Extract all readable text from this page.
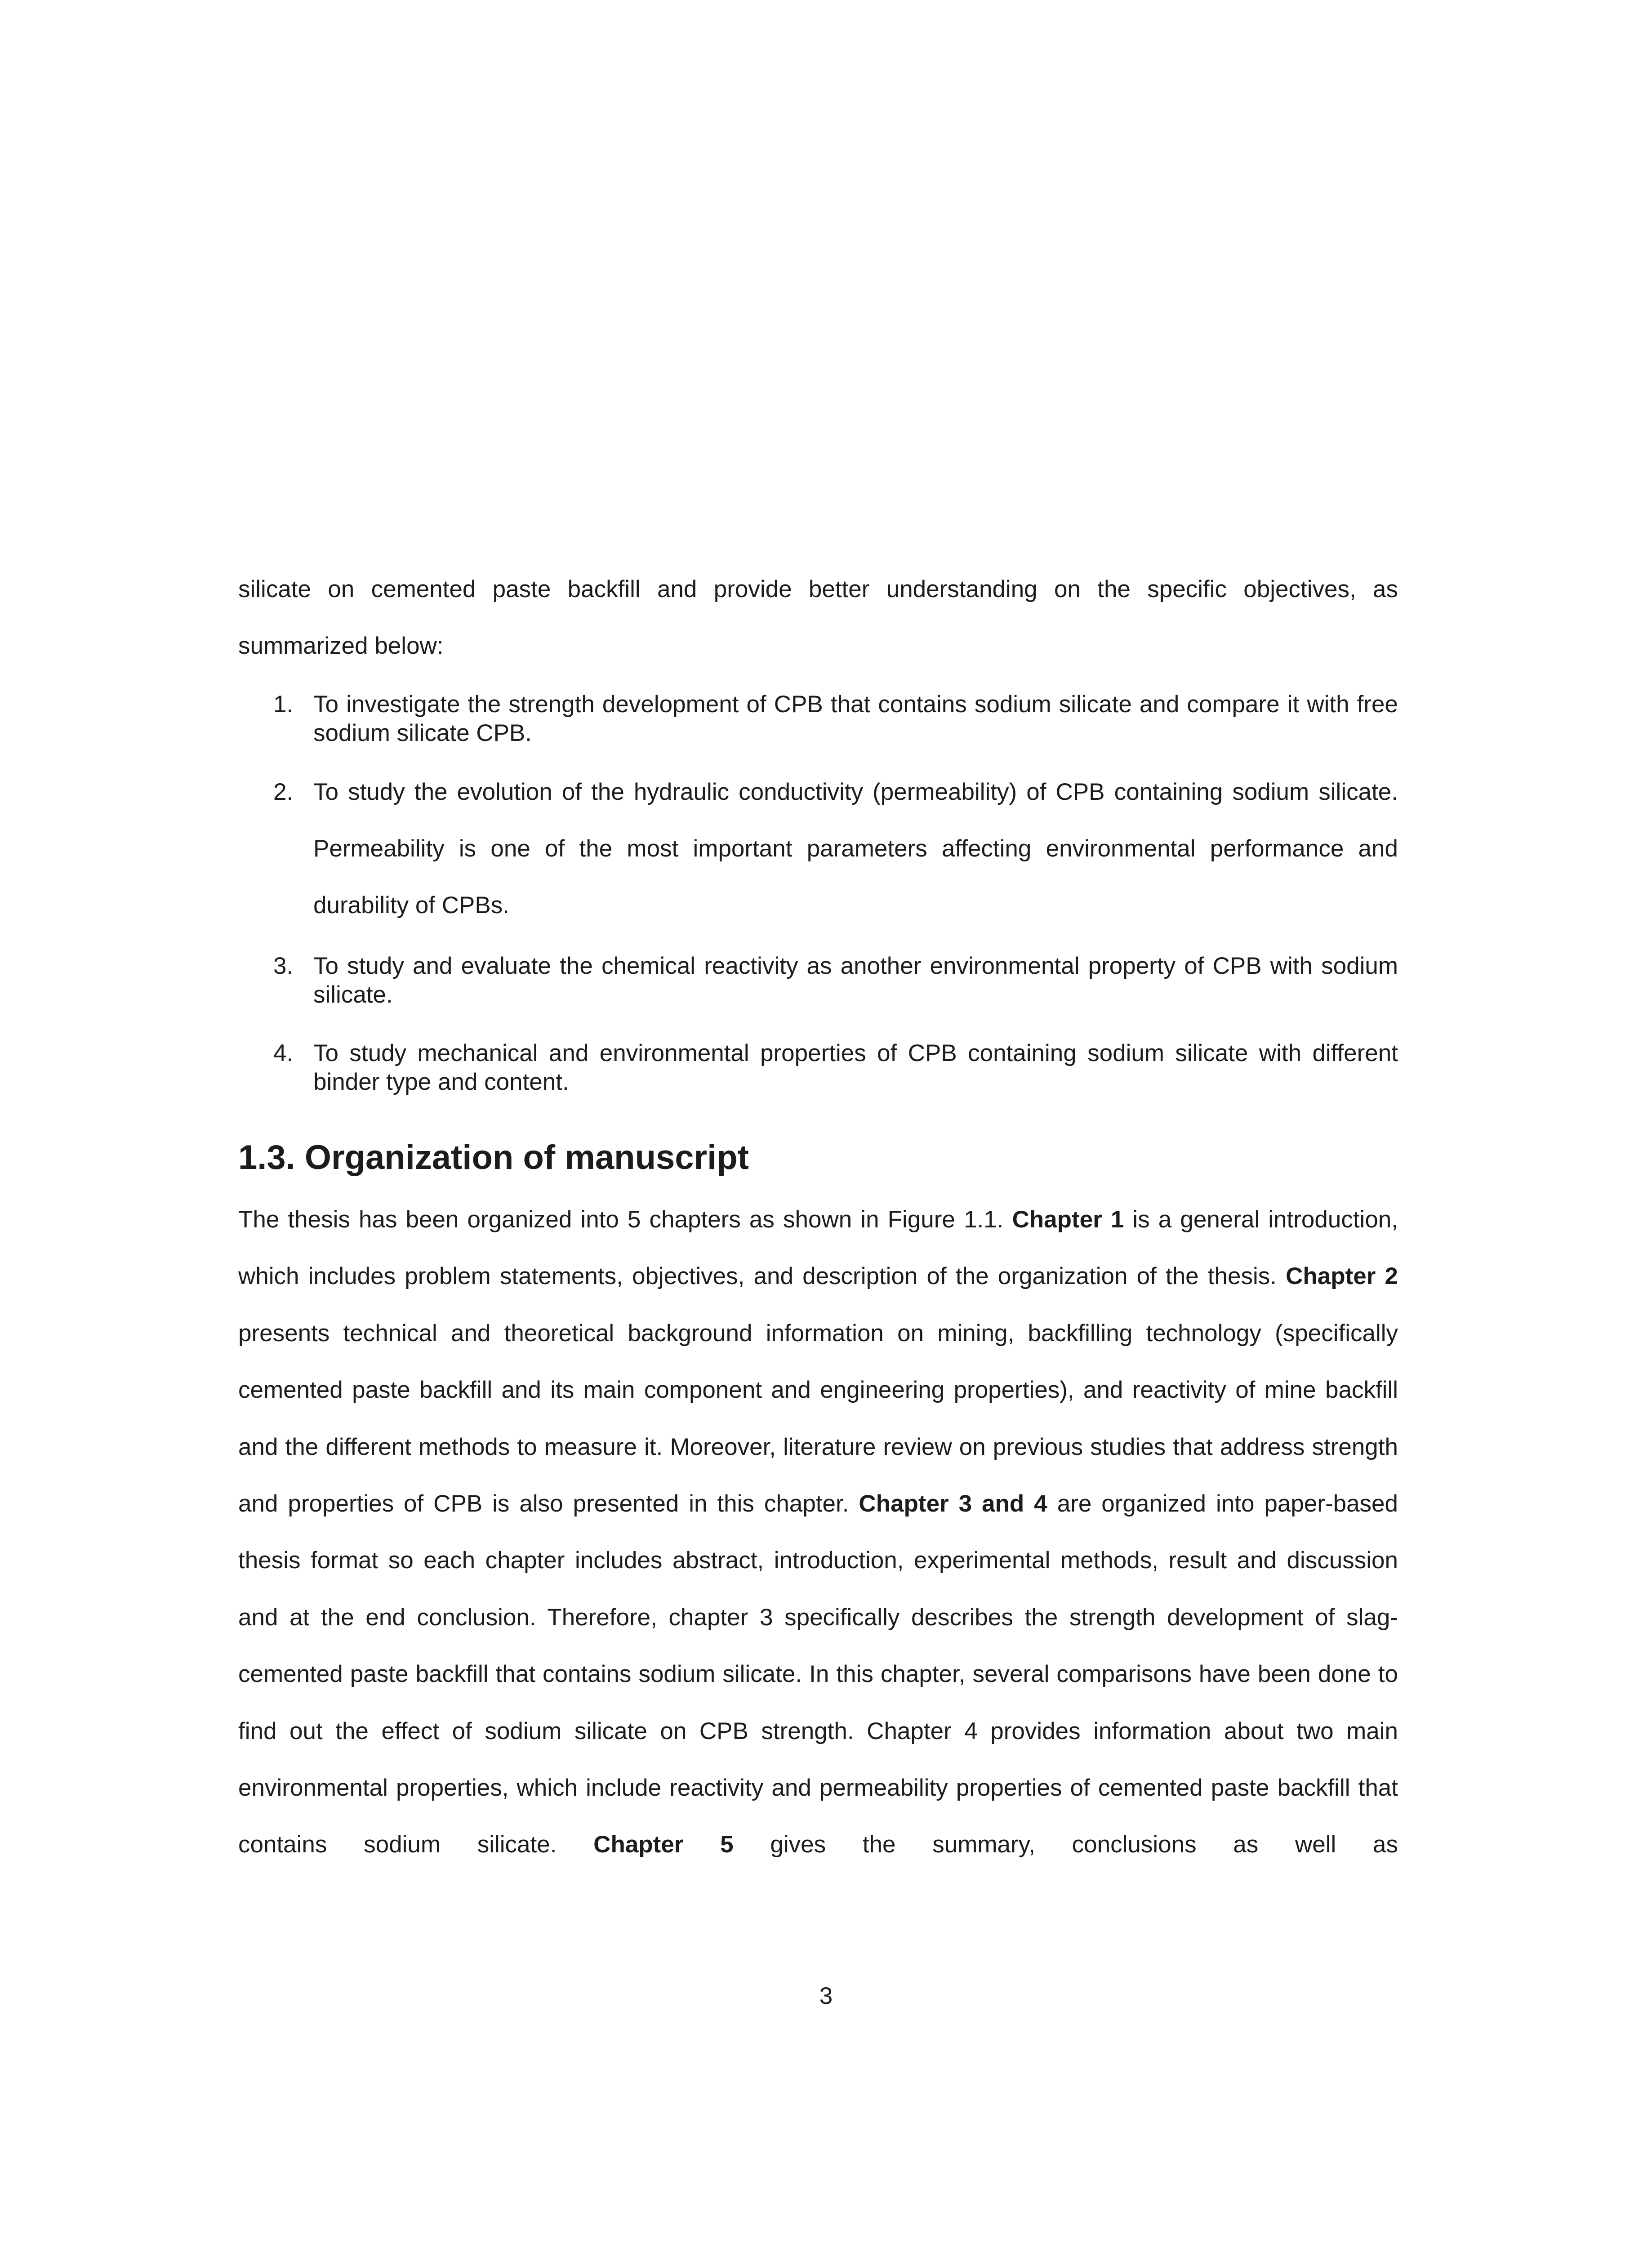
silicate on cemented paste backfill and provide better understanding on the specific objectives, as summarized below:

1. To investigate the strength development of CPB that contains sodium silicate and compare it with free sodium silicate CPB.
2. To study the evolution of the hydraulic conductivity (permeability) of CPB containing sodium silicate. Permeability is one of the most important parameters affecting environmental performance and durability of CPBs.
3. To study and evaluate the chemical reactivity as another environmental property of CPB with sodium silicate.
4. To study mechanical and environmental properties of CPB containing sodium silicate with different binder type and content.
1.3. Organization of manuscript

The thesis has been organized into 5 chapters as shown in Figure 1.1. Chapter 1 is a general introduction, which includes problem statements, objectives, and description of the organization of the thesis. Chapter 2 presents technical and theoretical background information on mining, backfilling technology (specifically cemented paste backfill and its main component and engineering properties), and reactivity of mine backfill and the different methods to measure it. Moreover, literature review on previous studies that address strength and properties of CPB is also presented in this chapter. Chapter 3 and 4 are organized into paper-based thesis format so each chapter includes abstract, introduction, experimental methods, result and discussion and at the end conclusion. Therefore, chapter 3 specifically describes the strength development of slag-cemented paste backfill that contains sodium silicate. In this chapter, several comparisons have been done to find out the effect of sodium silicate on CPB strength. Chapter 4 provides information about two main environmental properties, which include reactivity and permeability properties of cemented paste backfill that contains sodium silicate. Chapter 5 gives the summary, conclusions as well as

3
